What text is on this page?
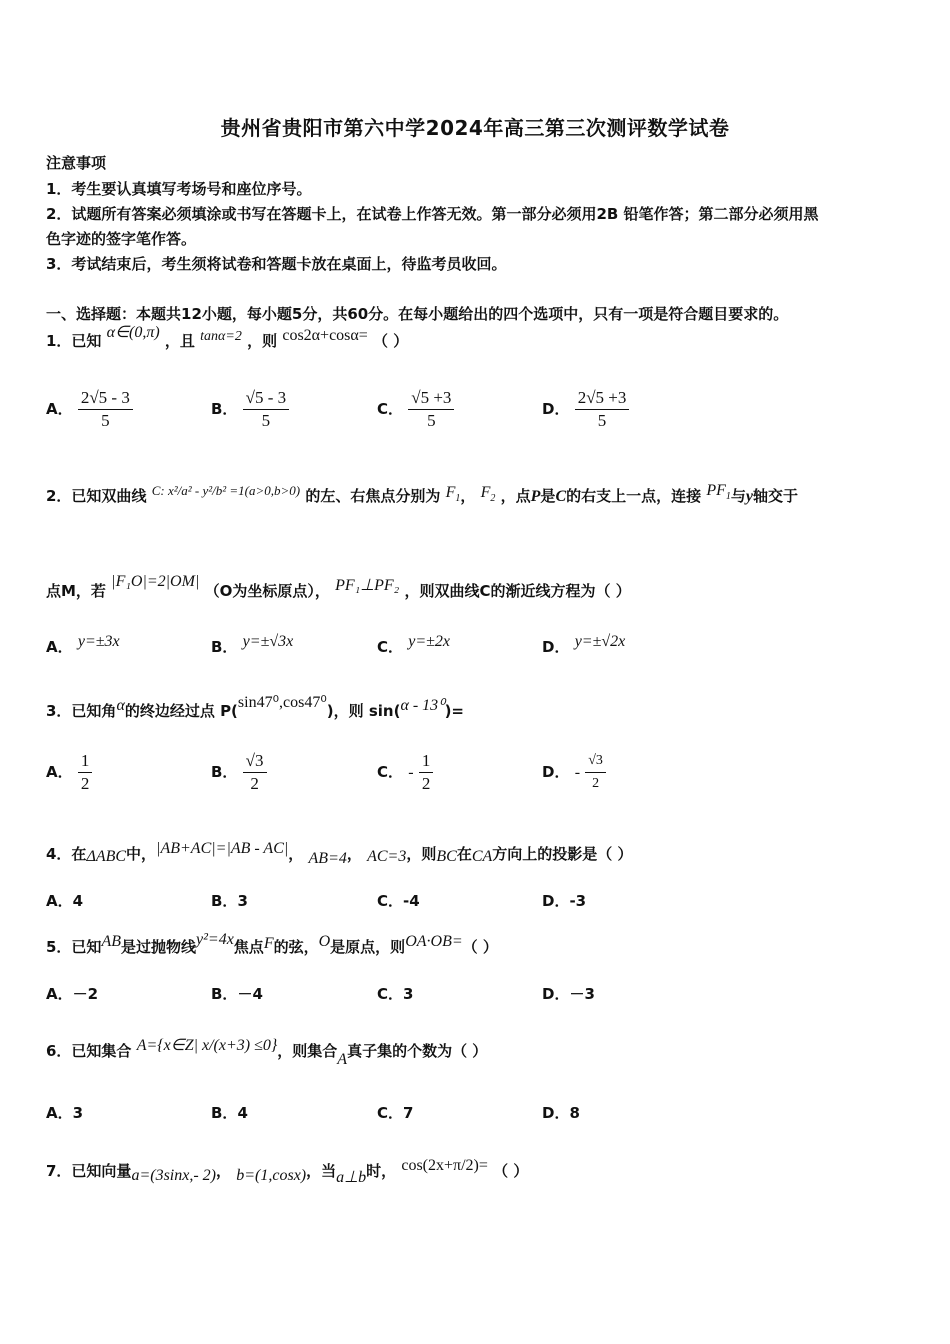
贵州省贵阳市第六中学2024年高三第三次测评数学试卷
注意事项
1．考生要认真填写考场号和座位序号。
2．试题所有答案必须填涂或书写在答题卡上，在试卷上作答无效。第一部分必须用2B 铅笔作答；第二部分必须用黑
色字迹的签字笔作答。
3．考试结束后，考生须将试卷和答题卡放在桌面上，待监考员收回。
一、选择题：本题共12小题，每小题5分，共60分。在每小题给出的四个选项中，只有一项是符合题目要求的。
1．已知 α∈(0,π) ，且 tanα=2 ，则 cos2α+cosα= （ ）
A． $\frac{2√5 - 3}{5}$	B． $\frac{√5 - 3}{5}$	C． $\frac{√5 +3}{5}$	D． $\frac{2√5 +3}{5}$
2．已知双曲线 C: x²/a² - y²/b² =1(a>0,b>0) 的左、右焦点分别为 $F_1$， $F_2$ ，点P是C的右支上一点，连接 $PF_1$与y轴交于
点M，若 |F₁O|=2|OM| （O为坐标原点）， PF₁⊥PF₂ ，则双曲线C的渐近线方程为（ ）
A． y=±3x	B． y=±√3x	C． y=±2x	D． y=±√2x
3．已知角α的终边经过点 P(sin47⁰,cos47⁰)，则 sin(α - 13⁰)=
A． $\frac{1}{2}$	B． $\frac{√3}{2}$	C． - $\frac{1}{2}$	D． - $\frac{√3}{2}$
4．在ΔABC中，|AB+AC|=|AB - AC|， AB=4， AC=3，则BC在CA方向上的投影是（ ）
A．4	B．3	C．-4	D．-3
5．已知AB是过抛物线y²=4x焦点F的弦，O是原点，则OA·OB=（ ）
A．－2	B．－4	C．3	D．－3
6．已知集合 A={x∈Z| x/(x+3) ≤0}，则集合A真子集的个数为（ ）
A．3	B．4	C．7	D．8
7．已知向量a=(3sinx,- 2)， b=(1,cosx)，当a⊥b时， cos(2x+π/2)= （ ）
